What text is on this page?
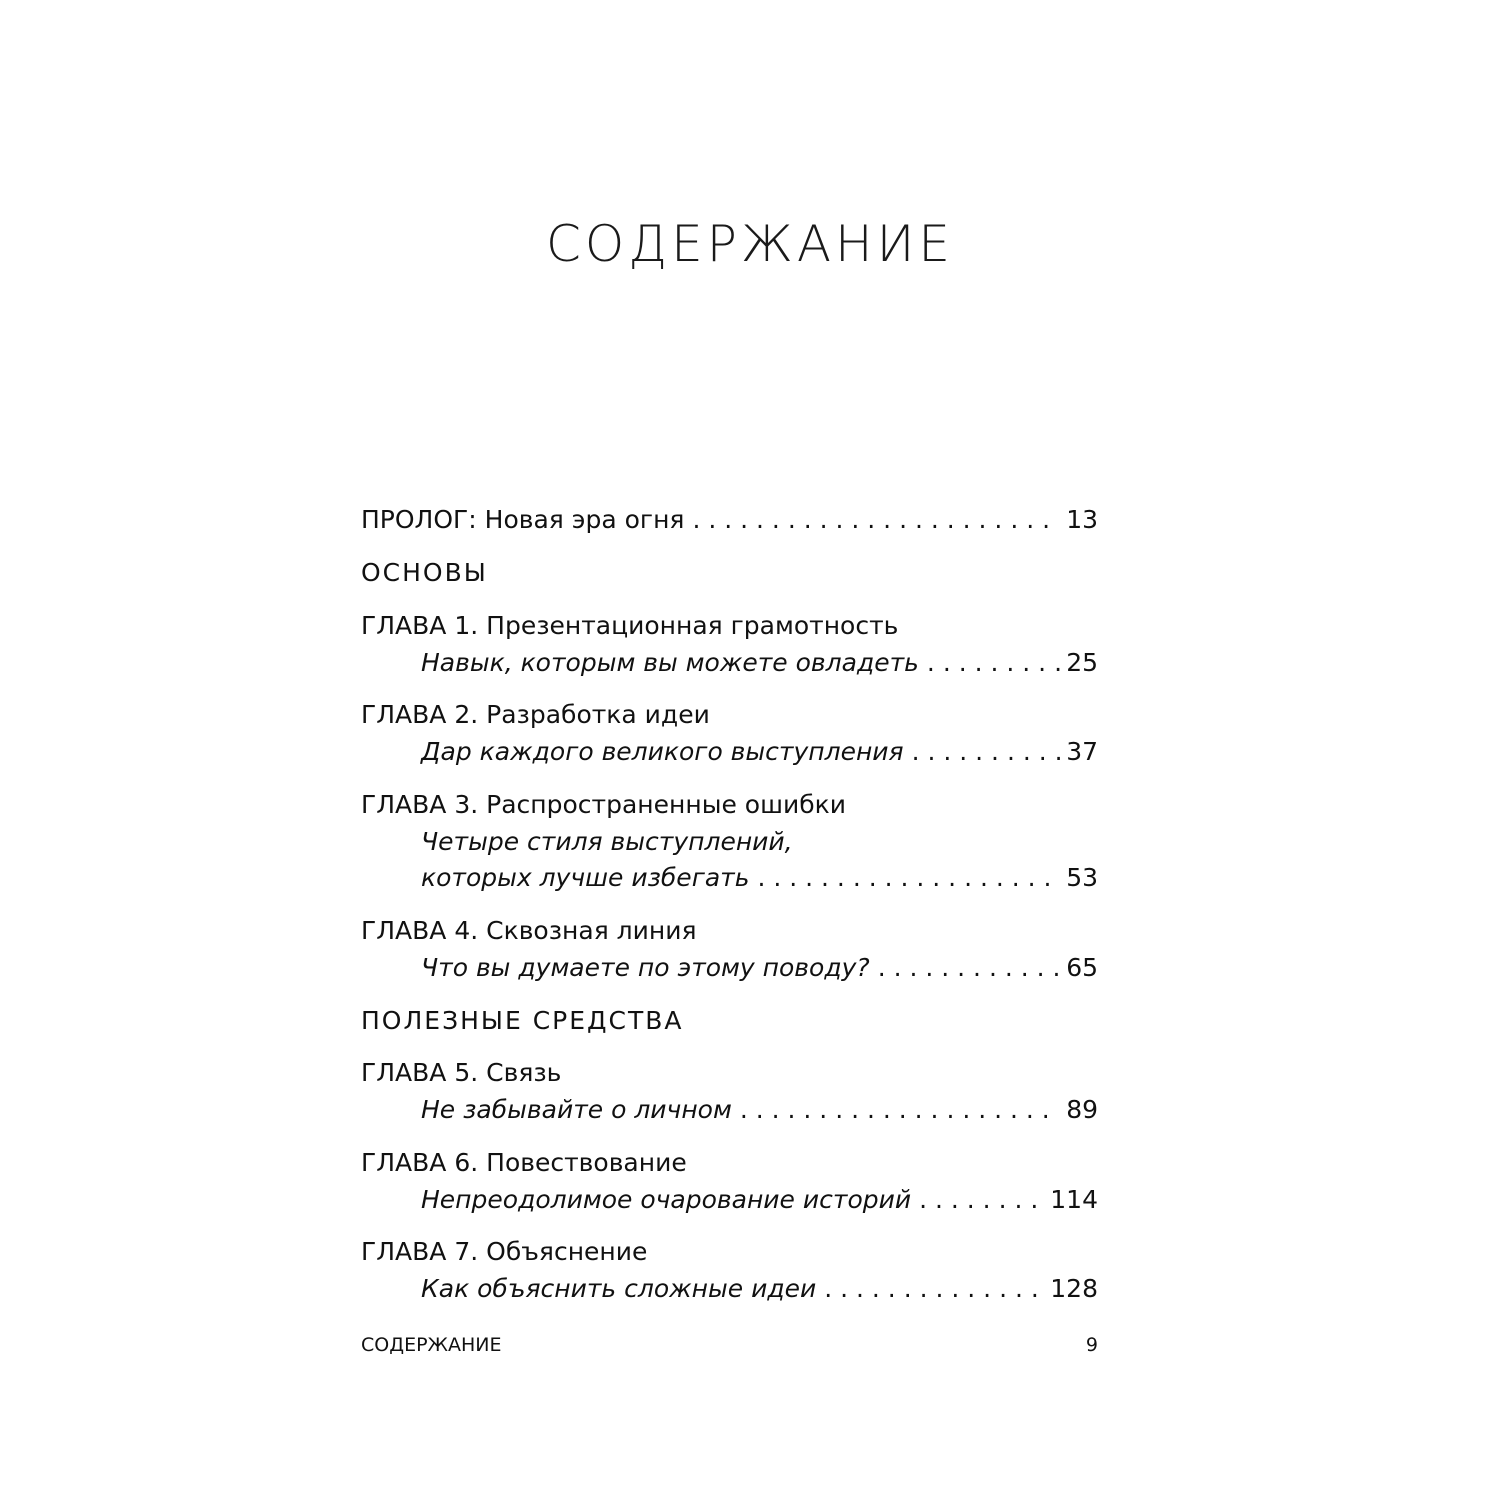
СОДЕРЖАНИЕ
ПРОЛОГ: Новая эра огня . . .	13
ОСНОВЫ
ГЛАВА 1. Презентационная грамотность
Навык, которым вы можете овладеть . . .	25
ГЛАВА 2. Разработка идеи
Дар каждого великого выступления . . .	37
ГЛАВА 3. Распространенные ошибки
Четыре стиля выступлений,
которых лучше избегать . . .	53
ГЛАВА 4. Сквозная линия
Что вы думаете по этому поводу? . . .	65
ПОЛЕЗНЫЕ СРЕДСТВА
ГЛАВА 5. Связь
Не забывайте о личном . . .	89
ГЛАВА 6. Повествование
Непреодолимое очарование историй . . .	114
ГЛАВА 7. Объяснение
Как объяснить сложные идеи . . .	128
СОДЕРЖАНИЕ	9
